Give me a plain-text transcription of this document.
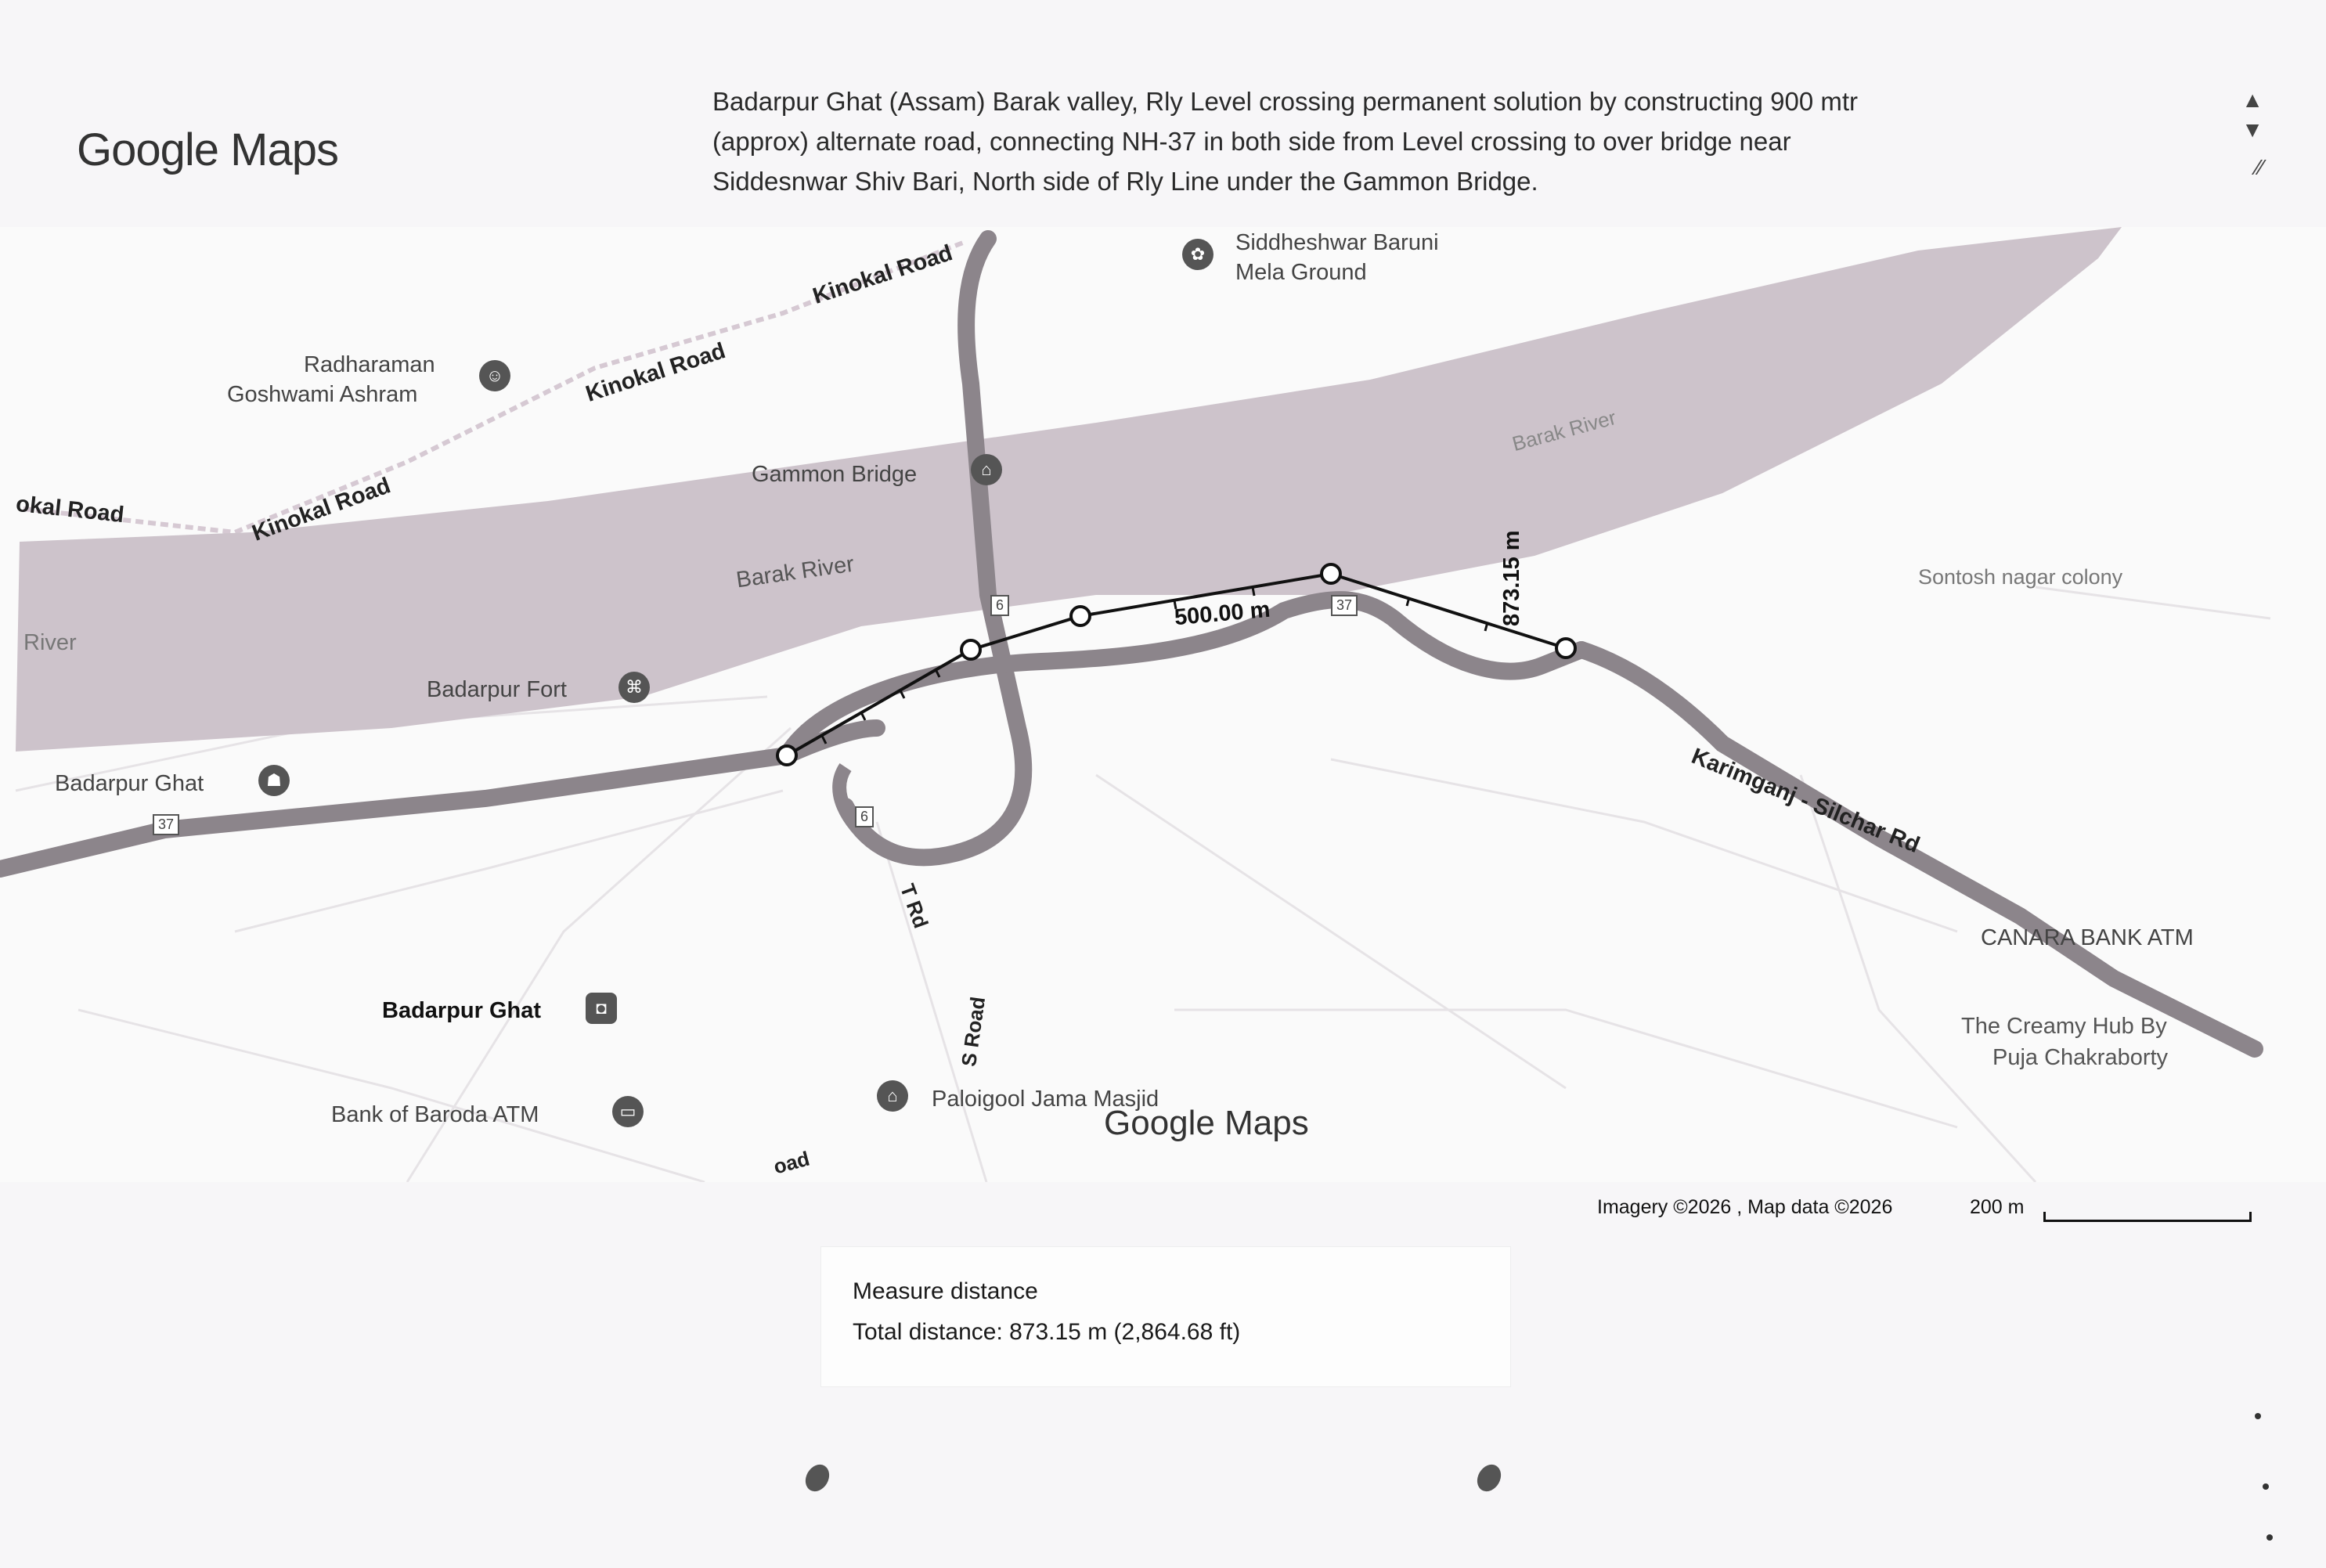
Google Maps
Badarpur Ghat (Assam) Barak valley, Rly Level crossing permanent solution by constructing 900 mtr
(approx) alternate road, connecting NH-37 in both side from Level crossing to over bridge near
Siddesnwar Shiv Bari, North side of Rly Line under the Gammon Bridge.
▲
▼
⁄⁄
6
6
37
37
500.00 m	873.15 m
✿	Siddheshwar Baruni
Mela Ground
Radharaman
Goshwami Ashram
☺
Kinokal Road
Kinokal Road
Kinokal Road
okal Road
Gammon Bridge	⌂
Barak River
Barak River
River
Badarpur Fort	⌘
Badarpur Ghat	☗
Badarpur Ghat	◘
Bank of Baroda ATM	▭
⌂	Paloigool Jama Masjid
Google Maps
Sontosh nagar colony
CANARA BANK ATM
The Creamy Hub By
Puja Chakraborty
Karimganj - Silchar Rd
T Rd
S Road
oad
Imagery ©2026 , Map data ©2026	200 m
Measure distance
Total distance: 873.15 m (2,864.68 ft)
